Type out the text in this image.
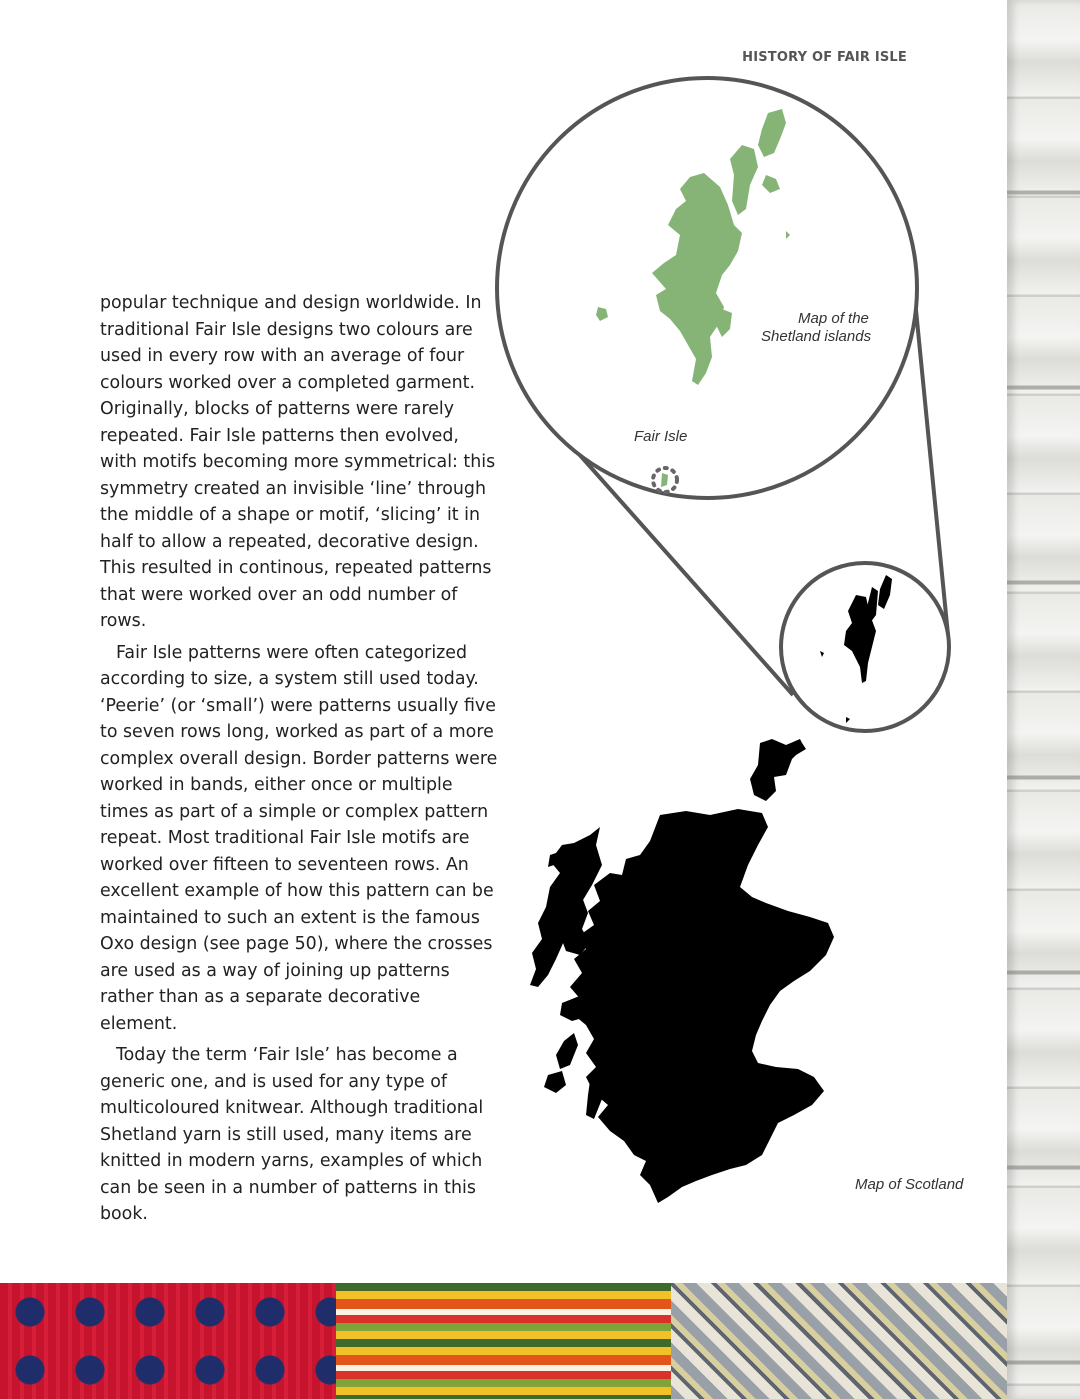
HISTORY OF FAIR ISLE

popular technique and design worldwide. In traditional Fair Isle designs two colours are used in every row with an average of four colours worked over a completed garment. Originally, blocks of patterns were rarely repeated. Fair Isle patterns then evolved, with motifs becoming more symmetrical: this symmetry created an invisible ‘line’ through the middle of a shape or motif, ‘slicing’ it in half to allow a repeated, decorative design. This resulted in continous, repeated patterns that were worked over an odd number of rows.

Fair Isle patterns were often categorized according to size, a system still used today. ‘Peerie’ (or ‘small’) were patterns usually five to seven rows long, worked as part of a more complex overall design. Border patterns were worked in bands, either once or multiple times as part of a simple or complex pattern repeat. Most traditional Fair Isle motifs are worked over fifteen to seventeen rows. An excellent example of how this pattern can be maintained to such an extent is the famous Oxo design (see page 50), where the crosses are used as a way of joining up patterns rather than as a separate decorative element.

Today the term ‘Fair Isle’ has become a generic one, and is used for any type of multicoloured knitwear. Although traditional Shetland yarn is still used, many items are knitted in modern yarns, examples of which can be seen in a number of patterns in this book.

Map of the
Shetland islands
Fair Isle
Map of Scotland
